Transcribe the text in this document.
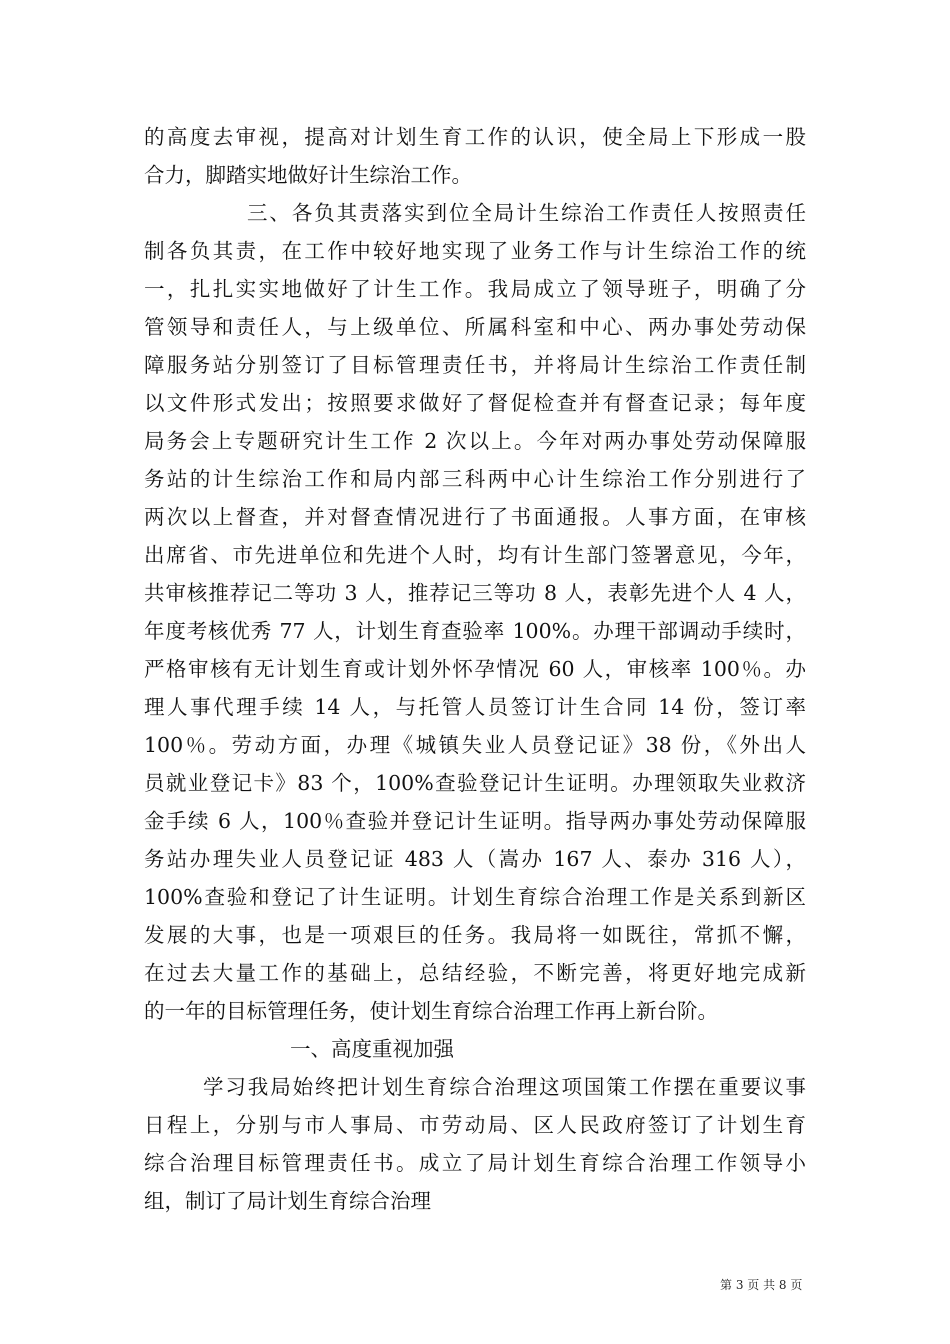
的高度去审视，提高对计划生育工作的认识，使全局上下形成一股
合力，脚踏实地做好计生综治工作。
三、各负其责落实到位全局计生综治工作责任人按照责任
制各负其责，在工作中较好地实现了业务工作与计生综治工作的统
一，扎扎实实地做好了计生工作。我局成立了领导班子，明确了分
管领导和责任人，与上级单位、所属科室和中心、两办事处劳动保
障服务站分别签订了目标管理责任书，并将局计生综治工作责任制
以文件形式发出；按照要求做好了督促检查并有督查记录；每年度
局务会上专题研究计生工作 2 次以上。今年对两办事处劳动保障服
务站的计生综治工作和局内部三科两中心计生综治工作分别进行了
两次以上督查，并对督查情况进行了书面通报。人事方面，在审核
出席省、市先进单位和先进个人时，均有计生部门签署意见，今年，
共审核推荐记二等功 3 人，推荐记三等功 8 人，表彰先进个人 4 人，
年度考核优秀 77 人，计划生育查验率 100%。办理干部调动手续时，
严格审核有无计划生育或计划外怀孕情况 60 人，审核率 100％。办
理人事代理手续 14 人，与托管人员签订计生合同 14 份，签订率
100％。劳动方面，办理《城镇失业人员登记证》38 份，《外出人
员就业登记卡》83 个，100%查验登记计生证明。办理领取失业救济
金手续 6 人，100％查验并登记计生证明。指导两办事处劳动保障服
务站办理失业人员登记证 483 人（嵩办 167 人、泰办 316 人），
100%查验和登记了计生证明。计划生育综合治理工作是关系到新区
发展的大事，也是一项艰巨的任务。我局将一如既往，常抓不懈，
在过去大量工作的基础上，总结经验，不断完善，将更好地完成新
的一年的目标管理任务，使计划生育综合治理工作再上新台阶。
一、高度重视加强
学习我局始终把计划生育综合治理这项国策工作摆在重要议事
日程上，分别与市人事局、市劳动局、区人民政府签订了计划生育
综合治理目标管理责任书。成立了局计划生育综合治理工作领导小
组，制订了局计划生育综合治理
第 3 页 共 8 页
